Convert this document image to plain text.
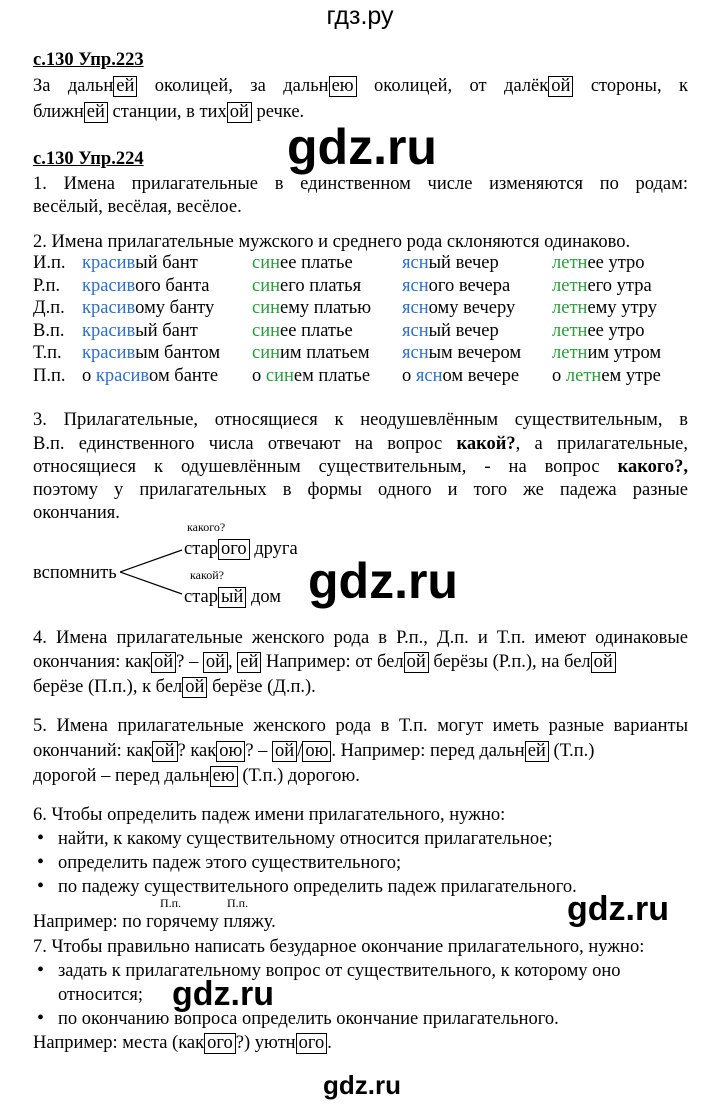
гдз.ру
gdz.ru
gdz.ru
gdz.ru
gdz.ru
gdz.ru
с.130 Упр.223
За дальн ей околицей, за дальн ею околицей, от далёк ой стороны, к
ближн ей станции, в тих ой речке.
с.130 Упр.224
1. Имена прилагательные в единственном числе изменяются по родам:
весёлый, весёлая, весёлое.
2. Имена прилагательные мужского и среднего рода склоняются одинаково.
И.п.	красивый бант	синее платье	ясный вечер	летнее утро
Р.п.	красивого банта	синего платья	ясного вечера	летнего утра
Д.п.	красивому банту	синему платью	ясному вечеру	летнему утру
В.п.	красивый бант	синее платье	ясный вечер	летнее утро
Т.п.	красивым бантом	синим платьем	ясным вечером	летним утром
П.п.	о красивом банте	о синем платье	о ясном вечере	о летнем утре
3. Прилагательные, относящиеся к неодушевлённым существительным, в
В.п. единственного числа отвечают на вопрос какой?, а прилагательные,
относящиеся к одушевлённым существительным, - на вопрос какого?,
поэтому у прилагательных в формы одного и того же падежа разные
окончания.
какого?
какой?
вспомнить
стар ого друга
стар ый дом
4. Имена прилагательные женского рода в Р.п., Д.п. и Т.п. имеют одинаковые
окончания: как ой ? – ой , ей Например: от бел ой берёзы (Р.п.), на бел ой
берёзе (П.п.), к бел ой берёзе (Д.п.).
5. Имена прилагательные женского рода в Т.п. могут иметь разные варианты
окончаний: как ой ? как ою ? – ой / ою . Например: перед дальн ей (Т.п.)
дорогой – перед дальн ею (Т.п.) дорогою.
6. Чтобы определить падеж имени прилагательного, нужно:
• найти, к какому существительному относится прилагательное;
• определить падеж этого существительного;
• по падежу существительного определить падеж прилагательного.
П.п.	П.п.
Например: по горячему пляжу.
7. Чтобы правильно написать безударное окончание прилагательного, нужно:
• задать к прилагательному вопрос от существительного, к которому оно
относится;
• по окончанию вопроса определить окончание прилагательного.
Например: места (как ого ?) уютн ого .
